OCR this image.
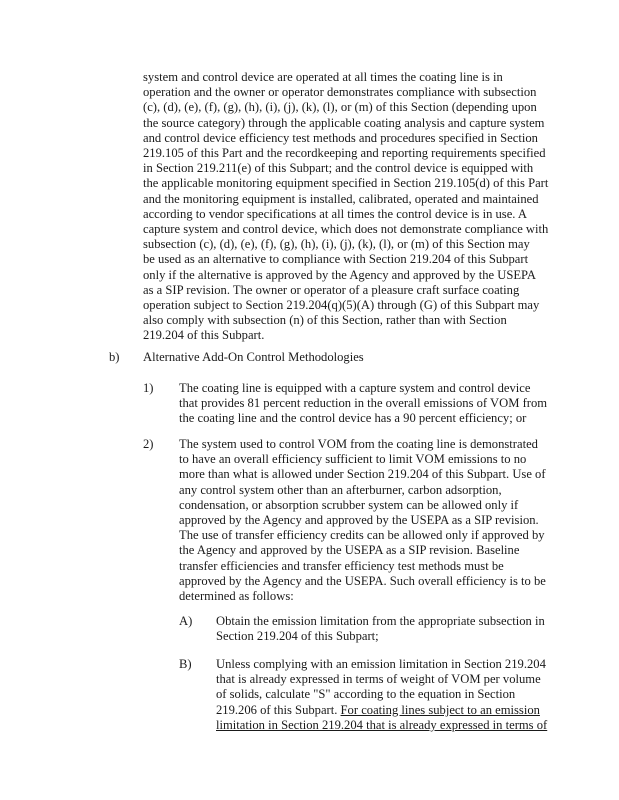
system and control device are operated at all times the coating line is in
operation and the owner or operator demonstrates compliance with subsection
(c), (d), (e), (f), (g), (h), (i), (j), (k), (l), or (m) of this Section (depending upon
the source category) through the applicable coating analysis and capture system
and control device efficiency test methods and procedures specified in Section
219.105 of this Part and the recordkeeping and reporting requirements specified
in Section 219.211(e) of this Subpart; and the control device is equipped with
the applicable monitoring equipment specified in Section 219.105(d) of this Part
and the monitoring equipment is installed, calibrated, operated and maintained
according to vendor specifications at all times the control device is in use. A
capture system and control device, which does not demonstrate compliance with
subsection (c), (d), (e), (f), (g), (h), (i), (j), (k), (l), or (m) of this Section may
be used as an alternative to compliance with Section 219.204 of this Subpart
only if the alternative is approved by the Agency and approved by the USEPA
as a SIP revision. The owner or operator of a pleasure craft surface coating
operation subject to Section 219.204(q)(5)(A) through (G) of this Subpart may
also comply with subsection (n) of this Section, rather than with Section
219.204 of this Subpart.
b) Alternative Add-On Control Methodologies
1) The coating line is equipped with a capture system and control device
that provides 81 percent reduction in the overall emissions of VOM from
the coating line and the control device has a 90 percent efficiency; or
2) The system used to control VOM from the coating line is demonstrated
to have an overall efficiency sufficient to limit VOM emissions to no
more than what is allowed under Section 219.204 of this Subpart. Use of
any control system other than an afterburner, carbon adsorption,
condensation, or absorption scrubber system can be allowed only if
approved by the Agency and approved by the USEPA as a SIP revision.
The use of transfer efficiency credits can be allowed only if approved by
the Agency and approved by the USEPA as a SIP revision. Baseline
transfer efficiencies and transfer efficiency test methods must be
approved by the Agency and the USEPA. Such overall efficiency is to be
determined as follows:
A) Obtain the emission limitation from the appropriate subsection in
Section 219.204 of this Subpart;
B) Unless complying with an emission limitation in Section 219.204
that is already expressed in terms of weight of VOM per volume
of solids, calculate "S" according to the equation in Section
219.206 of this Subpart. For coating lines subject to an emission
limitation in Section 219.204 that is already expressed in terms of
